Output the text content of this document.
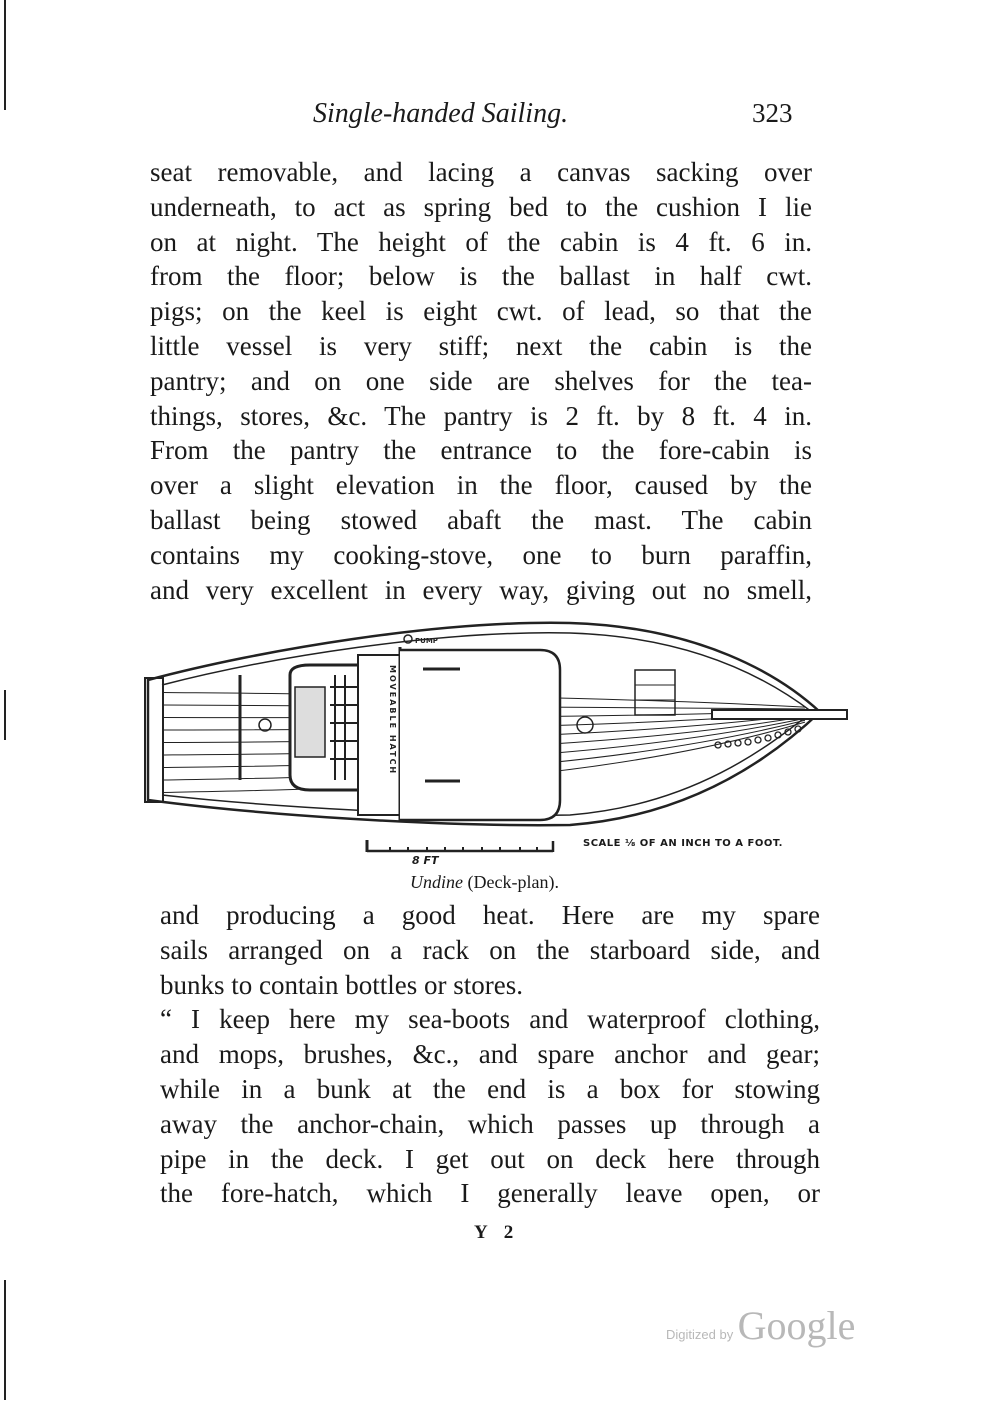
Single-handed Sailing.	323
seat removable, and lacing a canvas sacking over
underneath, to act as spring bed to the cushion I lie
on at night. The height of the cabin is 4 ft. 6 in.
from the floor; below is the ballast in half cwt.
pigs; on the keel is eight cwt. of lead, so that the
little vessel is very stiff; next the cabin is the
pantry; and on one side are shelves for the tea-
things, stores, &c. The pantry is 2 ft. by 8 ft. 4 in.
From the pantry the entrance to the fore-cabin is
over a slight elevation in the floor, caused by the
ballast being stowed abaft the mast. The cabin
contains my cooking-stove, one to burn paraffin,
and very excellent in every way, giving out no smell,
PUMP
MOVEABLE HATCH
SCALE ⅛ OF AN INCH TO A FOOT.
8 FT
Undine (Deck-plan).
and producing a good heat. Here are my spare
sails arranged on a rack on the starboard side, and
bunks to contain bottles or stores.
“ I keep here my sea-boots and waterproof clothing,
and mops, brushes, &c., and spare anchor and gear;
while in a bunk at the end is a box for stowing
away the anchor-chain, which passes up through a
pipe in the deck. I get out on deck here through
the fore-hatch, which I generally leave open, or
Y 2
Digitized by Google
